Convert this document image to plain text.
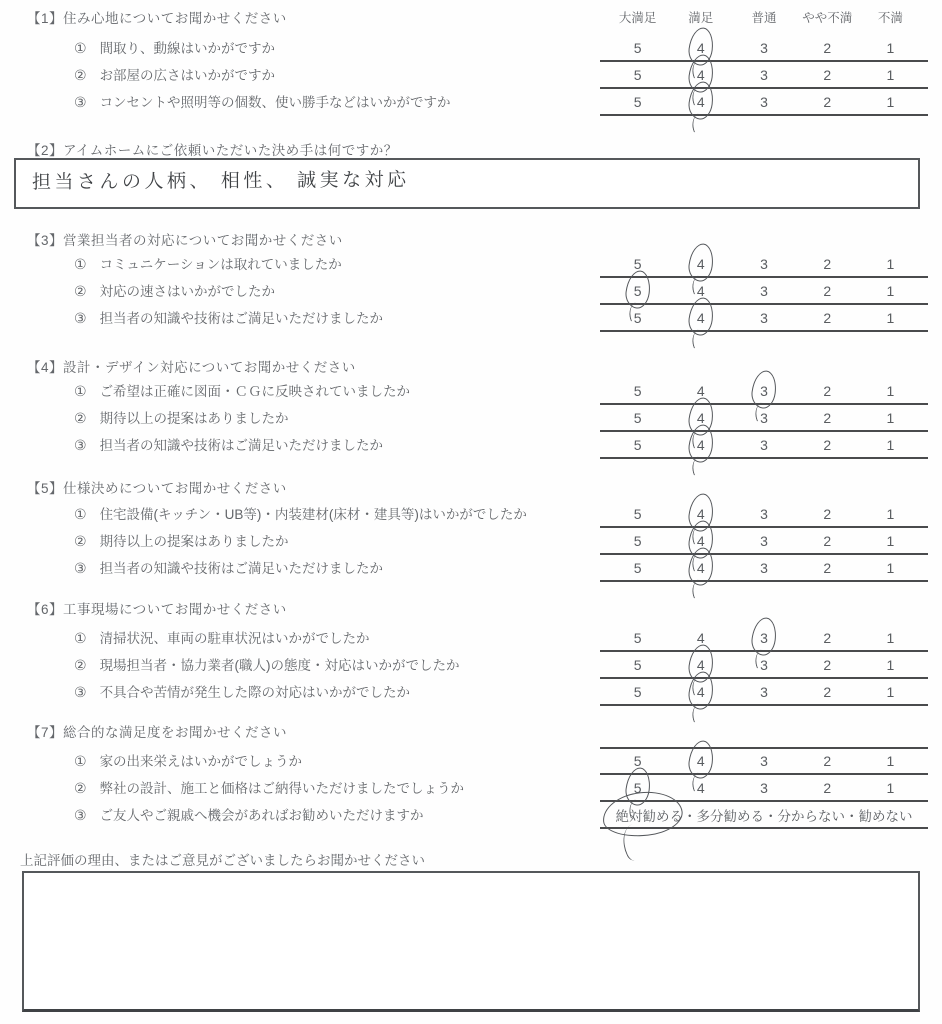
【1】住み心地についてお聞かせください	大満足	満足	普通	やや不満	不満
① 間取り、動線はいかがですか	5	4	3	2	1
② お部屋の広さはいかがですか	5	4	3	2	1
③ コンセントや照明等の個数、使い勝手などはいかがですか	5	4	3	2	1
【2】アイムホームにご依頼いただいた決め手は何ですか？
担当さんの人柄、 相性、 誠実な対応
【3】営業担当者の対応についてお聞かせください
① コミュニケーションは取れていましたか	5	4	3	2	1
② 対応の速さはいかがでしたか	5	4	3	2	1
③ 担当者の知識や技術はご満足いただけましたか	5	4	3	2	1
【4】設計・デザイン対応についてお聞かせください
① ご希望は正確に図面・ＣＧに反映されていましたか	5	4	3	2	1
② 期待以上の提案はありましたか	5	4	3	2	1
③ 担当者の知識や技術はご満足いただけましたか	5	4	3	2	1
【5】仕様決めについてお聞かせください
① 住宅設備(キッチン・UB等)・内装建材(床材・建具等)はいかがでしたか	5	4	3	2	1
② 期待以上の提案はありましたか	5	4	3	2	1
③ 担当者の知識や技術はご満足いただけましたか	5	4	3	2	1
【6】工事現場についてお聞かせください
① 清掃状況、車両の駐車状況はいかがでしたか	5	4	3	2	1
② 現場担当者・協力業者(職人)の態度・対応はいかがでしたか	5	4	3	2	1
③ 不具合や苦情が発生した際の対応はいかがでしたか	5	4	3	2	1
【7】総合的な満足度をお聞かせください
① 家の出来栄えはいかがでしょうか	5	4	3	2	1
② 弊社の設計、施工と価格はご納得いただけましたでしょうか	5	4	3	2	1
③ ご友人やご親戚へ機会があればお勧めいただけますか	絶対勧める ・ 多分勧める ・ 分からない ・ 勧めない
上記評価の理由、またはご意見がございましたらお聞かせください
